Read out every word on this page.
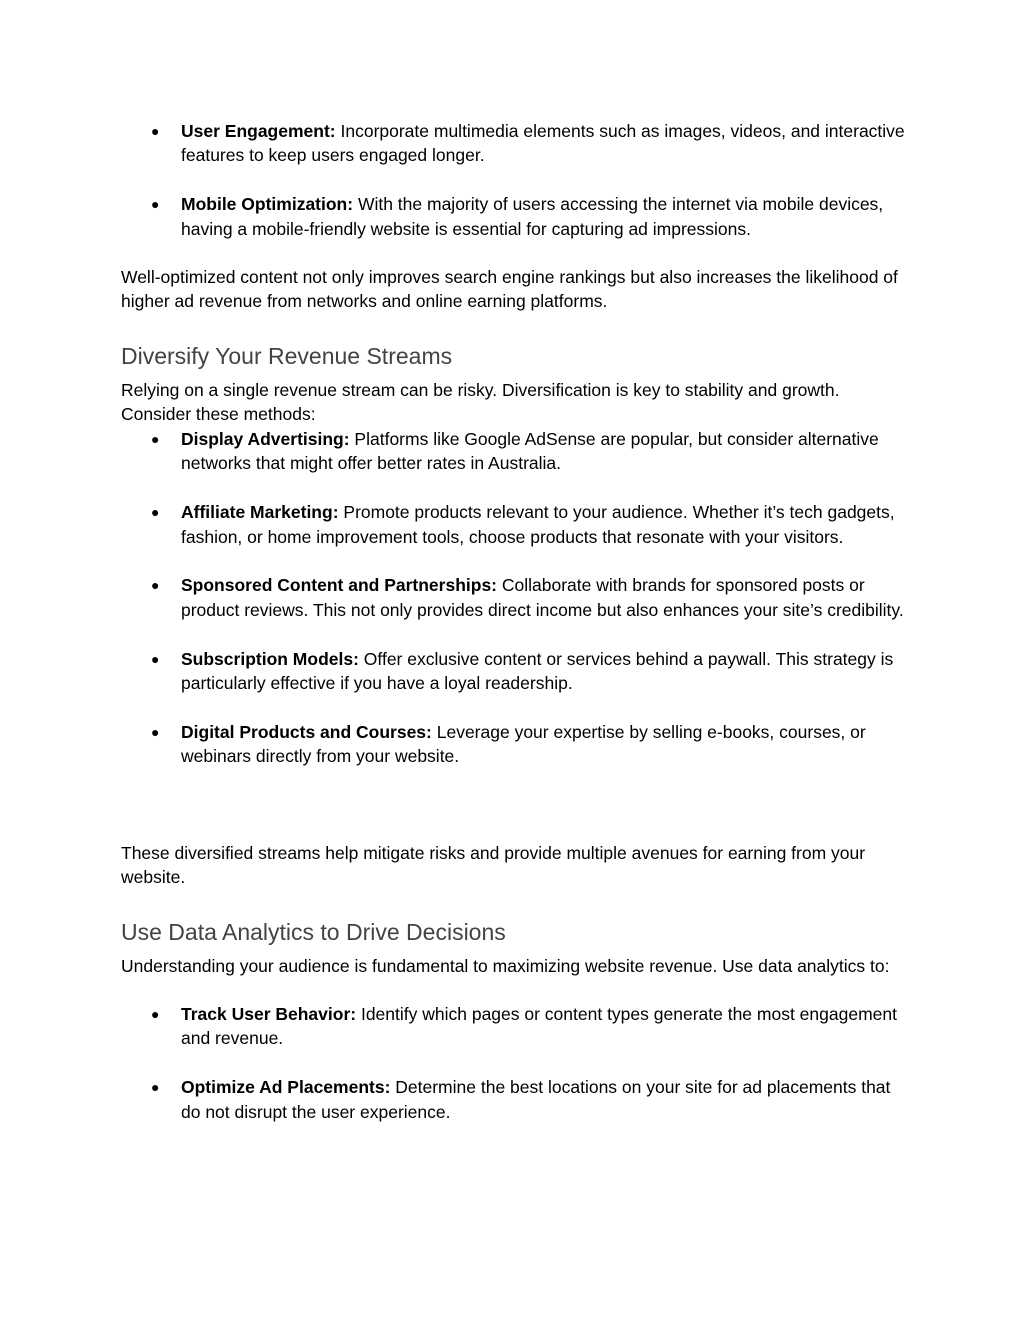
● User Engagement: Incorporate multimedia elements such as images, videos, and interactive features to keep users engaged longer.
● Mobile Optimization: With the majority of users accessing the internet via mobile devices, having a mobile-friendly website is essential for capturing ad impressions.

Well-optimized content not only improves search engine rankings but also increases the likelihood of higher ad revenue from networks and online earning platforms.

Diversify Your Revenue Streams

Relying on a single revenue stream can be risky. Diversification is key to stability and growth. Consider these methods:

● Display Advertising: Platforms like Google AdSense are popular, but consider alternative networks that might offer better rates in Australia.
● Affiliate Marketing: Promote products relevant to your audience. Whether it’s tech gadgets, fashion, or home improvement tools, choose products that resonate with your visitors.
● Sponsored Content and Partnerships: Collaborate with brands for sponsored posts or product reviews. This not only provides direct income but also enhances your site’s credibility.
● Subscription Models: Offer exclusive content or services behind a paywall. This strategy is particularly effective if you have a loyal readership.
● Digital Products and Courses: Leverage your expertise by selling e-books, courses, or webinars directly from your website.

These diversified streams help mitigate risks and provide multiple avenues for earning from your website.

Use Data Analytics to Drive Decisions

Understanding your audience is fundamental to maximizing website revenue. Use data analytics to:

● Track User Behavior: Identify which pages or content types generate the most engagement and revenue.
● Optimize Ad Placements: Determine the best locations on your site for ad placements that do not disrupt the user experience.
